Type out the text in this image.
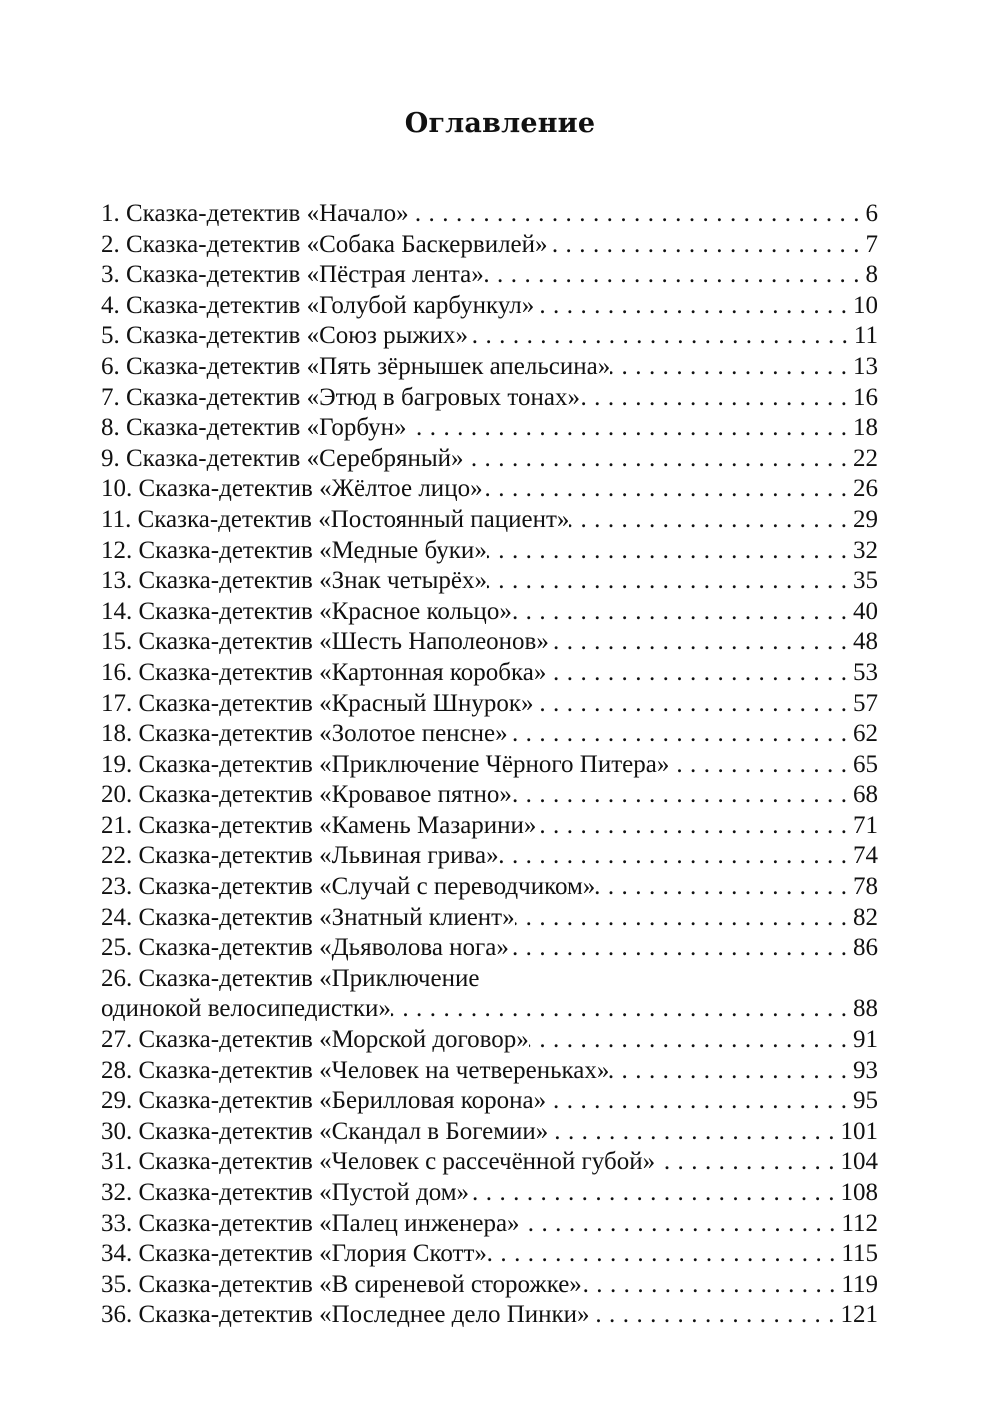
Оглавление
1. Сказка-детектив «Начало» . . .	6
2. Сказка-детектив «Собака Баскервилей» . . .	7
3. Сказка-детектив «Пёстрая лента» . . .	8
4. Сказка-детектив «Голубой карбункул» . . .	10
5. Сказка-детектив «Союз рыжих» . . .	11
6. Сказка-детектив «Пять зёрнышек апельсина» . . .	13
7. Сказка-детектив «Этюд в багровых тонах» . . .	16
8. Сказка-детектив «Горбун» . . .	18
9. Сказка-детектив «Серебряный» . . .	22
10. Сказка-детектив «Жёлтое лицо» . . .	26
11. Сказка-детектив «Постоянный пациент» . . .	29
12. Сказка-детектив «Медные буки» . . .	32
13. Сказка-детектив «Знак четырёх» . . .	35
14. Сказка-детектив «Красное кольцо» . . .	40
15. Сказка-детектив «Шесть Наполеонов» . . .	48
16. Сказка-детектив «Картонная коробка» . . .	53
17. Сказка-детектив «Красный Шнурок» . . .	57
18. Сказка-детектив «Золотое пенсне» . . .	62
19. Сказка-детектив «Приключение Чёрного Питера» . . .	65
20. Сказка-детектив «Кровавое пятно» . . .	68
21. Сказка-детектив «Камень Мазарини» . . .	71
22. Сказка-детектив «Львиная грива» . . .	74
23. Сказка-детектив «Случай с переводчиком» . . .	78
24. Сказка-детектив «Знатный клиент» . . .	82
25. Сказка-детектив «Дьяволова нога» . . .	86
26. Сказка-детектив «Приключение
одинокой велосипедистки» . . .	88
27. Сказка-детектив «Морской договор» . . .	91
28. Сказка-детектив «Человек на четвереньках» . . .	93
29. Сказка-детектив «Берилловая корона» . . .	95
30. Сказка-детектив «Скандал в Богемии» . . .	101
31. Сказка-детектив «Человек с рассечённой губой» . . .	104
32. Сказка-детектив «Пустой дом» . . .	108
33. Сказка-детектив «Палец инженера» . . .	112
34. Сказка-детектив «Глория Скотт» . . .	115
35. Сказка-детектив «В сиреневой сторожке» . . .	119
36. Сказка-детектив «Последнее дело Пинки» . . .	121
